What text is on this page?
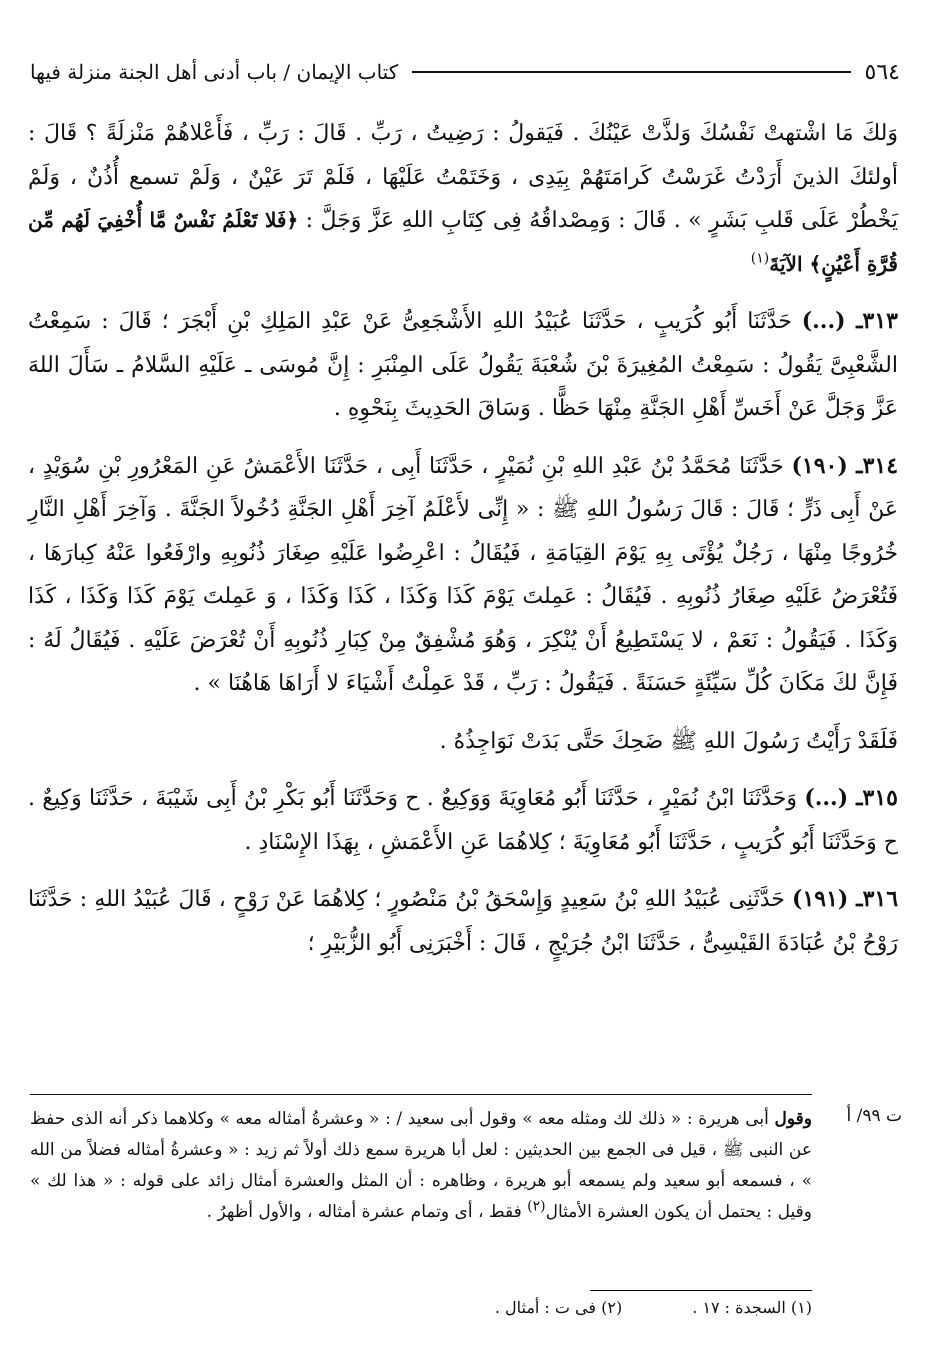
٥٦٤
كتاب الإيمان / باب أدنى أهل الجنة منزلة فيها

وَلكَ مَا اشْتهتْ نَفْسُكَ وَلذَّتْ عَيْنُكَ . فَيَقولُ : رَضِيتُ ، رَبِّ . قَالَ : رَبِّ ، فَأَعْلاهُمْ مَنْزلَةً ؟ قَالَ : أولئكَ الذينَ أَرَدْتُ غَرَسْتُ كَرامَتَهُمْ بِيَدِى ، وَخَتَمْتُ عَلَيْهَا ، فَلَمْ تَرَ عَيْنٌ ، وَلَمْ تسمع أُذُنٌ ، وَلَمْ يَخْطُرْ عَلَى قَلبِ بَشَرٍ » . قَالَ : وَمِصْداقُهُ فِى كِتَابِ اللهِ عَزَّ وَجَلَّ : ﴿فَلا تَعْلَمُ نَفْسٌ مَّا أُخْفِيَ لَهُم مِّن قُرَّةِ أَعْيُنٍ﴾ الآيَةَ$^{(١)}$

٣١٣ـ (...) حَدَّثَنَا أَبُو كُرَيبٍ ، حَدَّثَنَا عُبَيْدُ اللهِ الأَشْجَعِىُّ عَنْ عَبْدِ المَلِكِ بْنِ أَبْجَرَ ؛ قَالَ : سَمِعْتُ الشَّعْبِىَّ يَقُولُ : سَمِعْتُ المُغِيرَةَ بْنَ شُعْبَةَ يَقُولُ عَلَى المِنْبَرِ : إِنَّ مُوسَى ـ عَلَيْهِ السَّلامُ ـ سَأَلَ اللهَ عَزَّ وَجَلَّ عَنْ أَخَسِّ أَهْلِ الجَنَّةِ مِنْهَا حَظًّا . وَسَاقَ الحَدِيثَ بِنَحْوِهِ .

٣١٤ـ (١٩٠) حَدَّثَنَا مُحَمَّدُ بْنُ عَبْدِ اللهِ بْنِ نُمَيْرٍ ، حَدَّثَنَا أَبِى ، حَدَّثَنَا الأَعْمَشُ عَنِ المَعْرُورِ بْنِ سُوَيْدٍ ، عَنْ أَبِى ذَرٍّ ؛ قَالَ : قَالَ رَسُولُ اللهِ ﷺ : « إِنِّى لأَعْلَمُ آخِرَ أَهْلِ الجَنَّةِ دُخُولاً الجَنَّةَ . وَآخِرَ أَهْلِ النَّارِ خُرُوجًا مِنْهَا ، رَجُلٌ يُؤْتَى بِهِ يَوْمَ القِيَامَةِ ، فَيُقَالُ : اعْرِضُوا عَلَيْهِ صِغَارَ ذُنُوبِهِ وارْفَعُوا عَنْهُ كِبارَهَا ، فَتُعْرَضُ عَلَيْهِ صِغَارُ ذُنُوبِهِ . فَيُقَالُ : عَمِلتَ يَوْمَ كَذَا وَكَذَا ، كَذَا وَكَذَا ، وَ عَمِلتَ يَوْمَ كَذَا وَكَذَا ، كَذَا وَكَذَا . فَيَقُولُ : نَعَمْ ، لا يَسْتَطِيعُ أَنْ يُنْكِرَ ، وَهُوَ مُشْفِقٌ مِنْ كِبَارِ ذُنُوبِهِ أَنْ تُعْرَضَ عَلَيْهِ . فَيُقَالُ لَهُ : فَإِنَّ لكَ مَكَانَ كُلِّ سَيِّئَةٍ حَسَنَةً . فَيَقُولُ : رَبِّ ، قَدْ عَمِلْتُ أَشْيَاءَ لا أَرَاهَا هَاهُنَا » .

فَلَقَدْ رَأَيْتُ رَسُولَ اللهِ ﷺ ضَحِكَ حَتَّى بَدَتْ نَوَاجِذُهُ .

٣١٥ـ (...) وَحَدَّثَنَا ابْنُ نُمَيْرٍ ، حَدَّثَنَا أَبُو مُعَاوِيَةَ وَوَكِيعٌ . ح وَحَدَّثَنَا أَبُو بَكْرِ بْنُ أَبِى شَيْبَةَ ، حَدَّثَنَا وَكِيعٌ . ح وَحَدَّثَنَا أَبُو كُرَيبٍ ، حَدَّثَنَا أَبُو مُعَاوِيَةَ ؛ كِلاهُمَا عَنِ الأَعْمَشِ ، بِهَذَا الإِسْنَادِ .

٣١٦ـ (١٩١) حَدَّثَنِى عُبَيْدُ اللهِ بْنُ سَعِيدٍ وَإِسْحَقُ بْنُ مَنْصُورٍ ؛ كِلاهُمَا عَنْ رَوْحٍ ، قَالَ عُبَيْدُ اللهِ : حَدَّثَنَا رَوْحُ بْنُ عُبَادَةَ القَيْسِىُّ ، حَدَّثَنَا ابْنُ جُرَيْجٍ ، قَالَ : أَخْبَرَنِى أَبُو الزُّبَيْرِ ؛

ت ٩٩/ أ
وقول أبى هريرة : « ذلك لك ومثله معه » وقول أبى سعيد / : « وعشرةُ أمثاله معه » وكلاهما ذكر أنه الذى حفظ عن النبى ﷺ ، قيل فى الجمع بين الحديثين : لعل أبا هريرة سمع ذلك أولاً ثم زيد : « وعشرةُ أمثاله فضلاً من الله » ، فسمعه أبو سعيد ولم يسمعه أبو هريرة ، وظاهره : أن المثل والعشرة أمثال زائد على قوله : « هذا لك » وقيل : يحتمل أن يكون العشرة الأمثال$^{(٢)}$ فقط ، أى وتمام عشرة أمثاله ، والأول أظهرُ .
(١) السجدة : ١٧ .
(٢) فى ت : أمثال .
